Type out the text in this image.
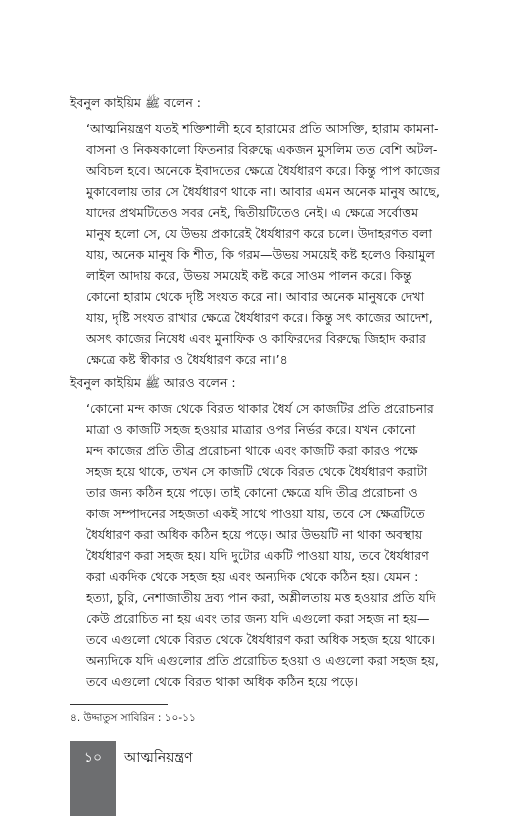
ইবনুল কাইয়িম ﷺ বলেন :
‘আত্মনিয়ন্ত্রণ যতই শক্তিশালী হবে হারামের প্রতি আসক্তি, হারাম কামনা-
বাসনা ও নিকষকালো ফিতনার বিরুদ্ধে একজন মুসলিম তত বেশি অটল-
অবিচল হবে। অনেকে ইবাদতের ক্ষেত্রে ধৈর্যধারণ করে। কিন্তু পাপ কাজের
মুকাবেলায় তার সে ধৈর্যধারণ থাকে না। আবার এমন অনেক মানুষ আছে,
যাদের প্রথমটিতেও সবর নেই, দ্বিতীয়টিতেও নেই। এ ক্ষেত্রে সর্বোত্তম
মানুষ হলো সে, যে উভয় প্রকারেই ধৈর্যধারণ করে চলে। উদাহরণত বলা
যায়, অনেক মানুষ কি শীত, কি গরম—উভয় সময়েই কষ্ট হলেও কিয়ামুল
লাইল আদায় করে, উভয় সময়েই কষ্ট করে সাওম পালন করে। কিন্তু
কোনো হারাম থেকে দৃষ্টি সংযত করে না। আবার অনেক মানুষকে দেখা
যায়, দৃষ্টি সংযত রাখার ক্ষেত্রে ধৈর্যধারণ করে। কিন্তু সৎ কাজের আদেশ,
অসৎ কাজের নিষেধ এবং মুনাফিক ও কাফিরদের বিরুদ্ধে জিহাদ করার
ক্ষেত্রে কষ্ট স্বীকার ও ধৈর্যধারণ করে না।’৪
ইবনুল কাইয়িম ﷺ আরও বলেন :
‘কোনো মন্দ কাজ থেকে বিরত থাকার ধৈর্য সে কাজটির প্রতি প্ররোচনার
মাত্রা ও কাজটি সহজ হওয়ার মাত্রার ওপর নির্ভর করে। যখন কোনো
মন্দ কাজের প্রতি তীব্র প্ররোচনা থাকে এবং কাজটি করা কারও পক্ষে
সহজ হয়ে থাকে, তখন সে কাজটি থেকে বিরত থেকে ধৈর্যধারণ করাটা
তার জন্য কঠিন হয়ে পড়ে। তাই কোনো ক্ষেত্রে যদি তীব্র প্ররোচনা ও
কাজ সম্পাদনের সহজতা একই সাথে পাওয়া যায়, তবে সে ক্ষেত্রটিতে
ধৈর্যধারণ করা অধিক কঠিন হয়ে পড়ে। আর উভয়টি না থাকা অবস্থায়
ধৈর্যধারণ করা সহজ হয়। যদি দুটোর একটি পাওয়া যায়, তবে ধৈর্যধারণ
করা একদিক থেকে সহজ হয় এবং অন্যদিক থেকে কঠিন হয়। যেমন :
হত্যা, চুরি, নেশাজাতীয় দ্রব্য পান করা, অশ্লীলতায় মত্ত হওয়ার প্রতি যদি
কেউ প্ররোচিত না হয় এবং তার জন্য যদি এগুলো করা সহজ না হয়—
তবে এগুলো থেকে বিরত থেকে ধৈর্যধারণ করা অধিক সহজ হয়ে থাকে।
অন্যদিকে যদি এগুলোর প্রতি প্ররোচিত হওয়া ও এগুলো করা সহজ হয়,
তবে এগুলো থেকে বিরত থাকা অধিক কঠিন হয়ে পড়ে।
৪. উদ্দাতুস সাবিরিন : ১০-১১
১০	আত্মনিয়ন্ত্রণ
